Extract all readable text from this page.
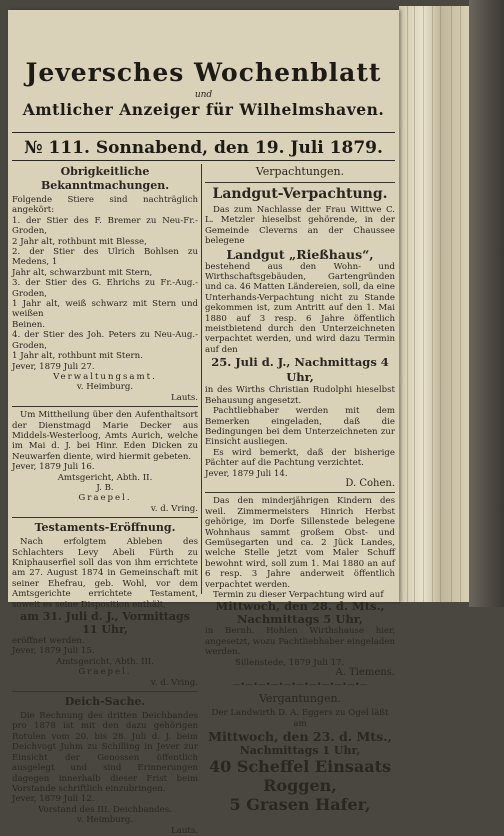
Jeversches Wochenblatt
und
Amtlicher Anzeiger für Wilhelmshaven.
№ 111. Sonnabend, den 19. Juli 1879.
Obrigkeitliche Bekanntmachungen.
Folgende Stiere sind nachträglich angekört:
1. der Stier des F. Bremer zu Neu-Fr.-Groden,
2 Jahr alt, rothbunt mit Blesse,
2. der Stier des Ulrich Bohlsen zu Medens, 1
Jahr alt, schwarzbunt mit Stern,
3. der Stier des G. Ehrichs zu Fr.-Aug.-Groden,
1 Jahr alt, weiß schwarz mit Stern und weißen
Beinen.
4. der Stier des Joh. Peters zu Neu-Aug.-Groden,
1 Jahr alt, rothbunt mit Stern.
Jever, 1879 Juli 27.
Verwaltungsamt.
v. Heimburg.
Lauts.
Um Mittheilung über den Aufenthaltsort der Dienstmagd Marie Decker aus Middels-Westerloog, Amts Aurich, welche im Mai d. J. bei Hinr. Eden Dicken zu Neuwarfen diente, wird hiermit gebeten.
Jever, 1879 Juli 16.
Amtsgericht, Abth. II.
J. B.
Graepel.
v. d. Vring.
Testaments-Eröffnung.
Nach erfolgtem Ableben des Schlachters Levy Abeli Fürth zu Kniphauserfiel soll das von ihm errichtete am 27. August 1874 in Gemeinschaft mit seiner Ehefrau, geb. Wohl, vor dem Amtsgerichte errichtete Testament, soweit es seine Disposition enthält,
am 31. Juli d. J., Vormittags 11 Uhr,
eröffnet werden.
Jever, 1879 Juli 15.
Amtsgericht, Abth. III.
Graepel.
v. d. Vring.
Deich-Sache.
Die Rechnung des dritten Deichbandes pro 1878 ist mit den dazu gehörigen Rotulen vom 20. bis 28. Juli d. J. beim Deichvogt Juhm zu Schilling in Jever zur Einsicht der Genossen öffentlich ausgelegt und sind Erinnerungen dagegen innerhalb dieser Frist beim Vorstande schriftlich einzubringen.
Jever, 1879 Juli 12.
Vorstand des III. Deichbandes.
v. Heimburg.
Lauts.
Verpachtungen.
Landgut-Verpachtung.
Das zum Nachlasse der Frau Wittwe C. L. Metzler hieselbst gehörende, in der Gemeinde Cleverns an der Chaussee belegene
Landgut „Rießhaus“,
bestehend aus den Wohn- und Wirthschaftsgebäuden, Gartengründen und ca. 46 Matten Ländereien, soll, da eine Unterhands-Verpachtung nicht zu Stande gekommen ist, zum Antritt auf den 1. Mai 1880 auf 3 resp. 6 Jahre öffentlich meistbietend durch den Unterzeichneten verpachtet werden, und wird dazu Termin auf den
25. Juli d. J., Nachmittags 4 Uhr,
in des Wirths Christian Rudolphi hieselbst Behausung angesetzt.
Pachtliebhaber werden mit dem Bemerken eingeladen, daß die Bedingungen bei dem Unterzeichneten zur Einsicht ausliegen.
Es wird bemerkt, daß der bisherige Pächter auf die Pachtung verzichtet.
Jever, 1879 Juli 14.
D. Cohen.
Das den minderjährigen Kindern des weil. Zimmermeisters Hinrich Herbst gehörige, im Dorfe Sillenstede belegene Wohnhaus sammt großem Obst- und Gemüsegarten und ca. 2 Jück Landes, welche Stelle jetzt vom Maler Schuff bewohnt wird, soll zum 1. Mai 1880 an auf 6 resp. 3 Jahre anderweit öffentlich verpachtet werden.
Termin zu dieser Verpachtung wird auf
Mittwoch, den 28. d. Mts.,
Nachmittags 5 Uhr,
in Bernh. Hohlen Wirthshause hier, angesetzt, wozu Pachtliebhaber eingeladen werden.
Sillenstede, 1879 Juli 17.
A. Tiemens.
—•—•—•—•—•—•—•—•—•—•—
Vergantungen.
Der Landwirth D. A. Eggers zu Ogel läßt am
Mittwoch, den 23. d. Mts.,
Nachmittags 1 Uhr,
40 Scheffel Einsaats
Roggen,
5 Grasen Hafer,
